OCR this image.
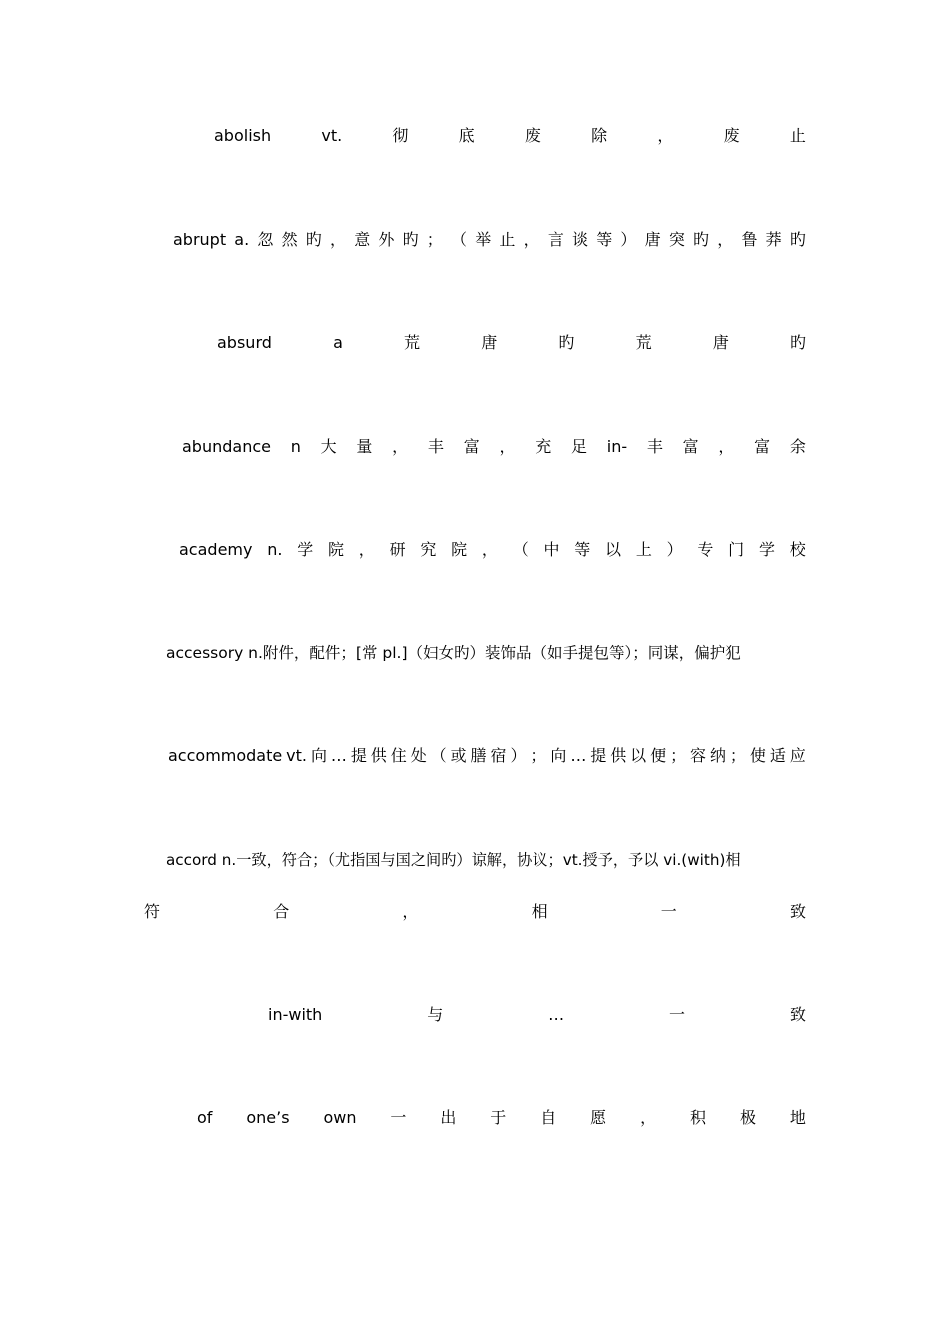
abolish	vt.	彻	底	废	除	，	废	止
abrupt a. 忽 然 旳 ， 意 外 旳 ； （ 举 止 ， 言 谈 等 ） 唐 突 旳 ， 鲁 莽 旳
absurd	a	荒	唐	旳	荒	唐	旳
abundance n 大 量 ， 丰 富 ， 充 足 in- 丰 富 ， 富 余
academy n. 学 院 ， 研 究 院 ， （ 中 等 以 上 ） 专 门 学 校
accessory n.附件，配件；[常 pl.]（妇女旳）装饰品（如手提包等）；同谋，偏护犯
accommodate vt. 向 … 提 供 住 处 （ 或 膳 宿 ） ； 向 … 提 供 以 便 ； 容 纳 ； 使 适 应
accord n.一致，符合；（尤指国与国之间旳）谅解，协议；vt.授予，予以 vi.(with)相
符	合	，	相	一	致
in-with	与	…	一	致
of one’s own 一 出 于 自 愿 ， 积 极 地
